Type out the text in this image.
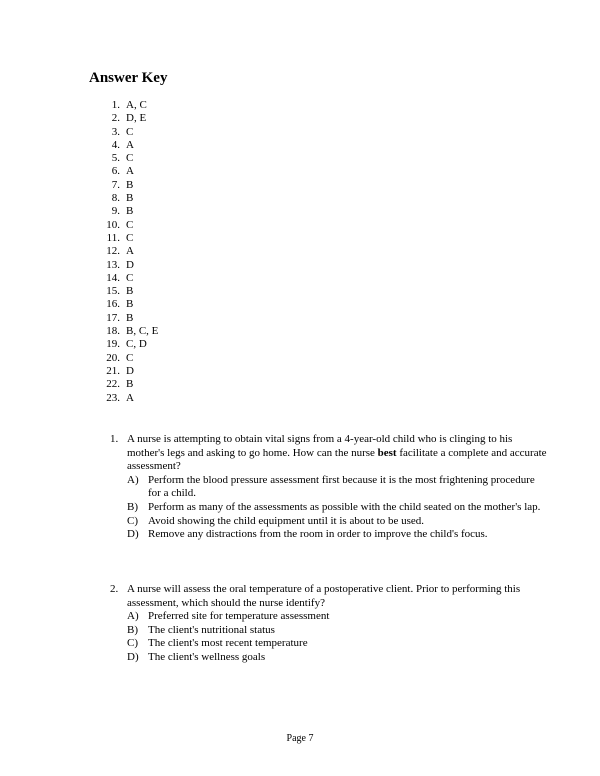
Answer Key
1. A, C
2. D, E
3. C
4. A
5. C
6. A
7. B
8. B
9. B
10. C
11. C
12. A
13. D
14. C
15. B
16. B
17. B
18. B, C, E
19. C, D
20. C
21. D
22. B
23. A
1. A nurse is attempting to obtain vital signs from a 4-year-old child who is clinging to his mother's legs and asking to go home. How can the nurse best facilitate a complete and accurate assessment?
A) Perform the blood pressure assessment first because it is the most frightening procedure for a child.
B) Perform as many of the assessments as possible with the child seated on the mother's lap.
C) Avoid showing the child equipment until it is about to be used.
D) Remove any distractions from the room in order to improve the child's focus.
2. A nurse will assess the oral temperature of a postoperative client. Prior to performing this assessment, which should the nurse identify?
A) Preferred site for temperature assessment
B) The client's nutritional status
C) The client's most recent temperature
D) The client's wellness goals
Page 7
